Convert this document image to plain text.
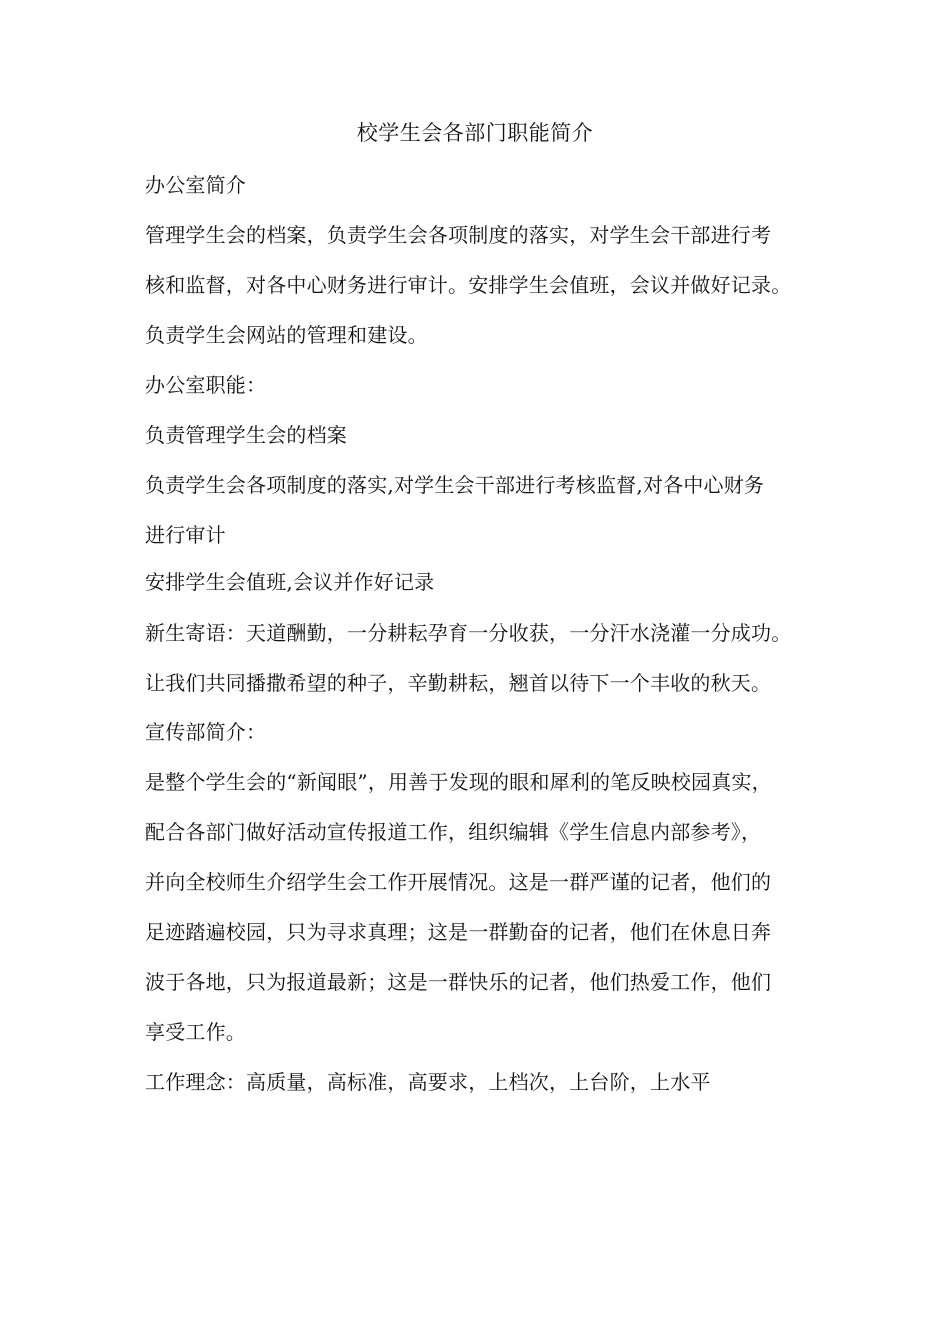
校学生会各部门职能简介
办公室简介
管理学生会的档案，负责学生会各项制度的落实，对学生会干部进行考
核和监督，对各中心财务进行审计。安排学生会值班，会议并做好记录。
负责学生会网站的管理和建设。
办公室职能：
负责管理学生会的档案
负责学生会各项制度的落实,对学生会干部进行考核监督,对各中心财务
进行审计
安排学生会值班,会议并作好记录
新生寄语：天道酬勤，一分耕耘孕育一分收获，一分汗水浇灌一分成功。
让我们共同播撒希望的种子，辛勤耕耘，翘首以待下一个丰收的秋天。
宣传部简介：
是整个学生会的“新闻眼”，用善于发现的眼和犀利的笔反映校园真实，
配合各部门做好活动宣传报道工作，组织编辑《学生信息内部参考》，
并向全校师生介绍学生会工作开展情况。这是一群严谨的记者，他们的
足迹踏遍校园，只为寻求真理；这是一群勤奋的记者，他们在休息日奔
波于各地，只为报道最新；这是一群快乐的记者，他们热爱工作，他们
享受工作。
工作理念：高质量，高标准，高要求，上档次，上台阶，上水平
